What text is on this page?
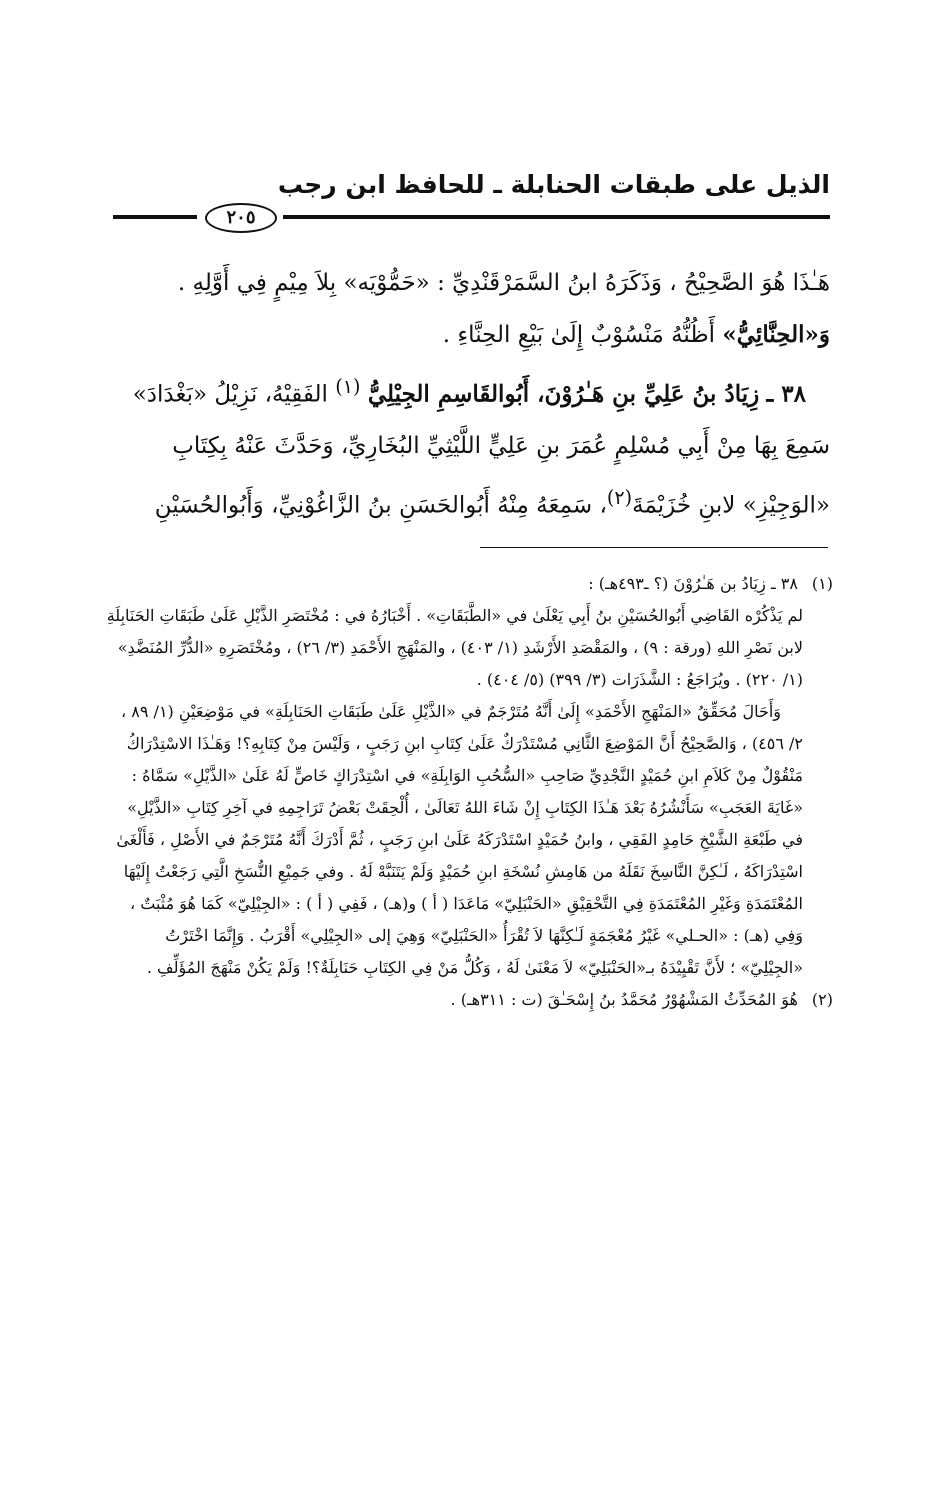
الذيل على طبقات الحنابلة ـ للحافظ ابن رجب
٢٠٥

هَـٰذَا هُوَ الصَّحِيْحُ ، وَذَكَرَهُ ابنُ السَّمَرْقَنْدِيِّ : «حَمُّوْيَه» بِلاَ مِيْمٍ فِي أَوَّلِهِ .

وَ«الحِنَّائِيُّ» أَظُنُّهُ مَنْسُوْبٌ إِلَىٰ بَيْعِ الحِنَّاءِ .

٣٨ ـ زِيَادُ بنُ عَلِيِّ بنِ هَـٰرُوْنَ، أَبُوالقَاسِمِ الجِيْلِيُّ $^{(١)}$ الفَقِيْهُ، نَزِيْلُ «بَغْدَادَ» سَمِعَ بِهَا مِنْ أَبِي مُسْلِمٍ عُمَرَ بنِ عَلِيٍّ اللَّيْثِيِّ البُخَارِيِّ، وَحَدَّثَ عَنْهُ بِكِتَابِ «الوَجِيْزِ» لابنِ خُزَيْمَةَ$^{(٢)}$، سَمِعَهُ مِنْهُ أَبُوالحَسَنِ بنُ الزَّاغُوْنِيِّ، وَأَبُوالحُسَيْنِ

(١)
٣٨ ـ زِيَادُ بن هَـٰرُوْنَ (؟ ـ٤٩٣هـ) :

لم يَذْكُرْه القَاضِي أَبُوالحُسَيْنِ بنُ أَبِي يَعْلَىٰ في «الطَّبَقَاتِ» . أَخْبَارُهُ في : مُخْتَصَرِ الذَّيْلِ عَلَىٰ طَبَقَاتِ الحَنَابِلَةِ لابن نَصْرِ اللهِ (ورقة : ٩) ، والمَقْصَدِ الأَرْشَدِ (١/ ٤٠٣) ، والمَنْهَجِ الأَحْمَدِ (٣/ ٢٦) ، ومُخْتَصَرِهِ «الدُّرِّ المُنَضَّدِ» (١/ ٢٢٠) . ويُرَاجَعُ : الشَّذَرَات (٣/ ٣٩٩) (٥/ ٤٠٤) .

وَأَحَالَ مُحَقِّقُ «المَنْهَجِ الأَحْمَدِ» إِلَىٰ أَنَّهُ مُتَرْجَمٌ في «الذَّيْلِ عَلَىٰ طَبَقَاتِ الحَنَابِلَةِ» في مَوْضِعَيْنِ (١/ ٨٩ ، ٢/ ٤٥٦) ، وَالصَّحِيْحُ أَنَّ المَوْضِعَ الثَّانِي مُسْتَدْرَكٌ عَلَىٰ كِتَابِ ابنِ رَجَبٍ ، وَلَيْسَ مِنْ كِتَابِهِ؟! وَهَـٰذَا الاسْتِدْرَاكُ مَنْقُوْلٌ مِنْ كَلاَمِ ابنِ حُمَيْدٍ النَّجْدِيِّ صَاحِبِ «السُّحُبِ الوَابِلَةِ» في اسْتِدْرَاكٍ خَاصٍّ لَهُ عَلَىٰ «الذَّيْلِ» سَمَّاهُ : «غَايَةَ العَجَبِ» سَأَنْشُرُهُ بَعْدَ هَـٰذَا الكِتَابِ إِنْ شَاءَ اللهُ تَعَالَىٰ ، أُلْحِقَتْ بَعْضُ تَرَاجِمِهِ في آخِرِ كِتَابِ «الذَّيْلِ» في طَبْعَةِ الشَّيْخِ حَامِدٍ الفَقِي ، وابنُ حُمَيْدٍ اسْتَدْرَكَهُ عَلَىٰ ابنِ رَجَبٍ ، ثُمَّ أَدْرَكَ أَنَّهُ مُتَرْجَمٌ في الأَصْلِ ، فَأَلْغَىٰ اسْتِدْرَاكَهُ ، لَـٰكِنَّ النَّاسِخَ نَقَلَهُ من هَامِشِ نُسْخَةِ ابنِ حُمَيْدٍ وَلَمْ يَتَنَبَّهْ لَهُ . وفي جَمِيْعِ النُّسَخِ الَّتِي رَجَعْتُ إِلَيْهَا المُعْتَمَدَةِ وَغَيْرِ المُعْتَمَدَةِ فِي التَّحْقِيْقِ «الحَنْبَلِيّ» مَاعَدَا ( أ ) و(هـ) ، فَفِي ( أ ) : «الجِيْلِيّ» كَمَا هُوَ مُثْبَتٌ ، وَفِي (هـ) : «الحـلي» غَيْرُ مُعْجَمَةٍ لَـٰكِنَّهَا لاَ تُقْرَأُ «الحَنْبَلِيّ» وَهِيَ إلى «الجِيْلِي» أَقْرَبُ . وَإِنَّمَا اخْتَرْتُ «الجِيْلِيّ» ؛ لأَنَّ تَقْيِيْدَهُ بـ«الحَنْبَلِيّ» لاَ مَعْنَىٰ لَهُ ، وَكُلُّ مَنْ فِي الكِتَابِ حَنَابِلَةٌ؟! وَلَمْ يَكُنْ مَنْهَجَ المُؤَلِّفِ .

(٢)
هُوَ المُحَدِّثُ المَشْهُوْرُ مُحَمَّدُ بنُ إِسْحَـٰقَ (ت : ٣١١هـ) .
